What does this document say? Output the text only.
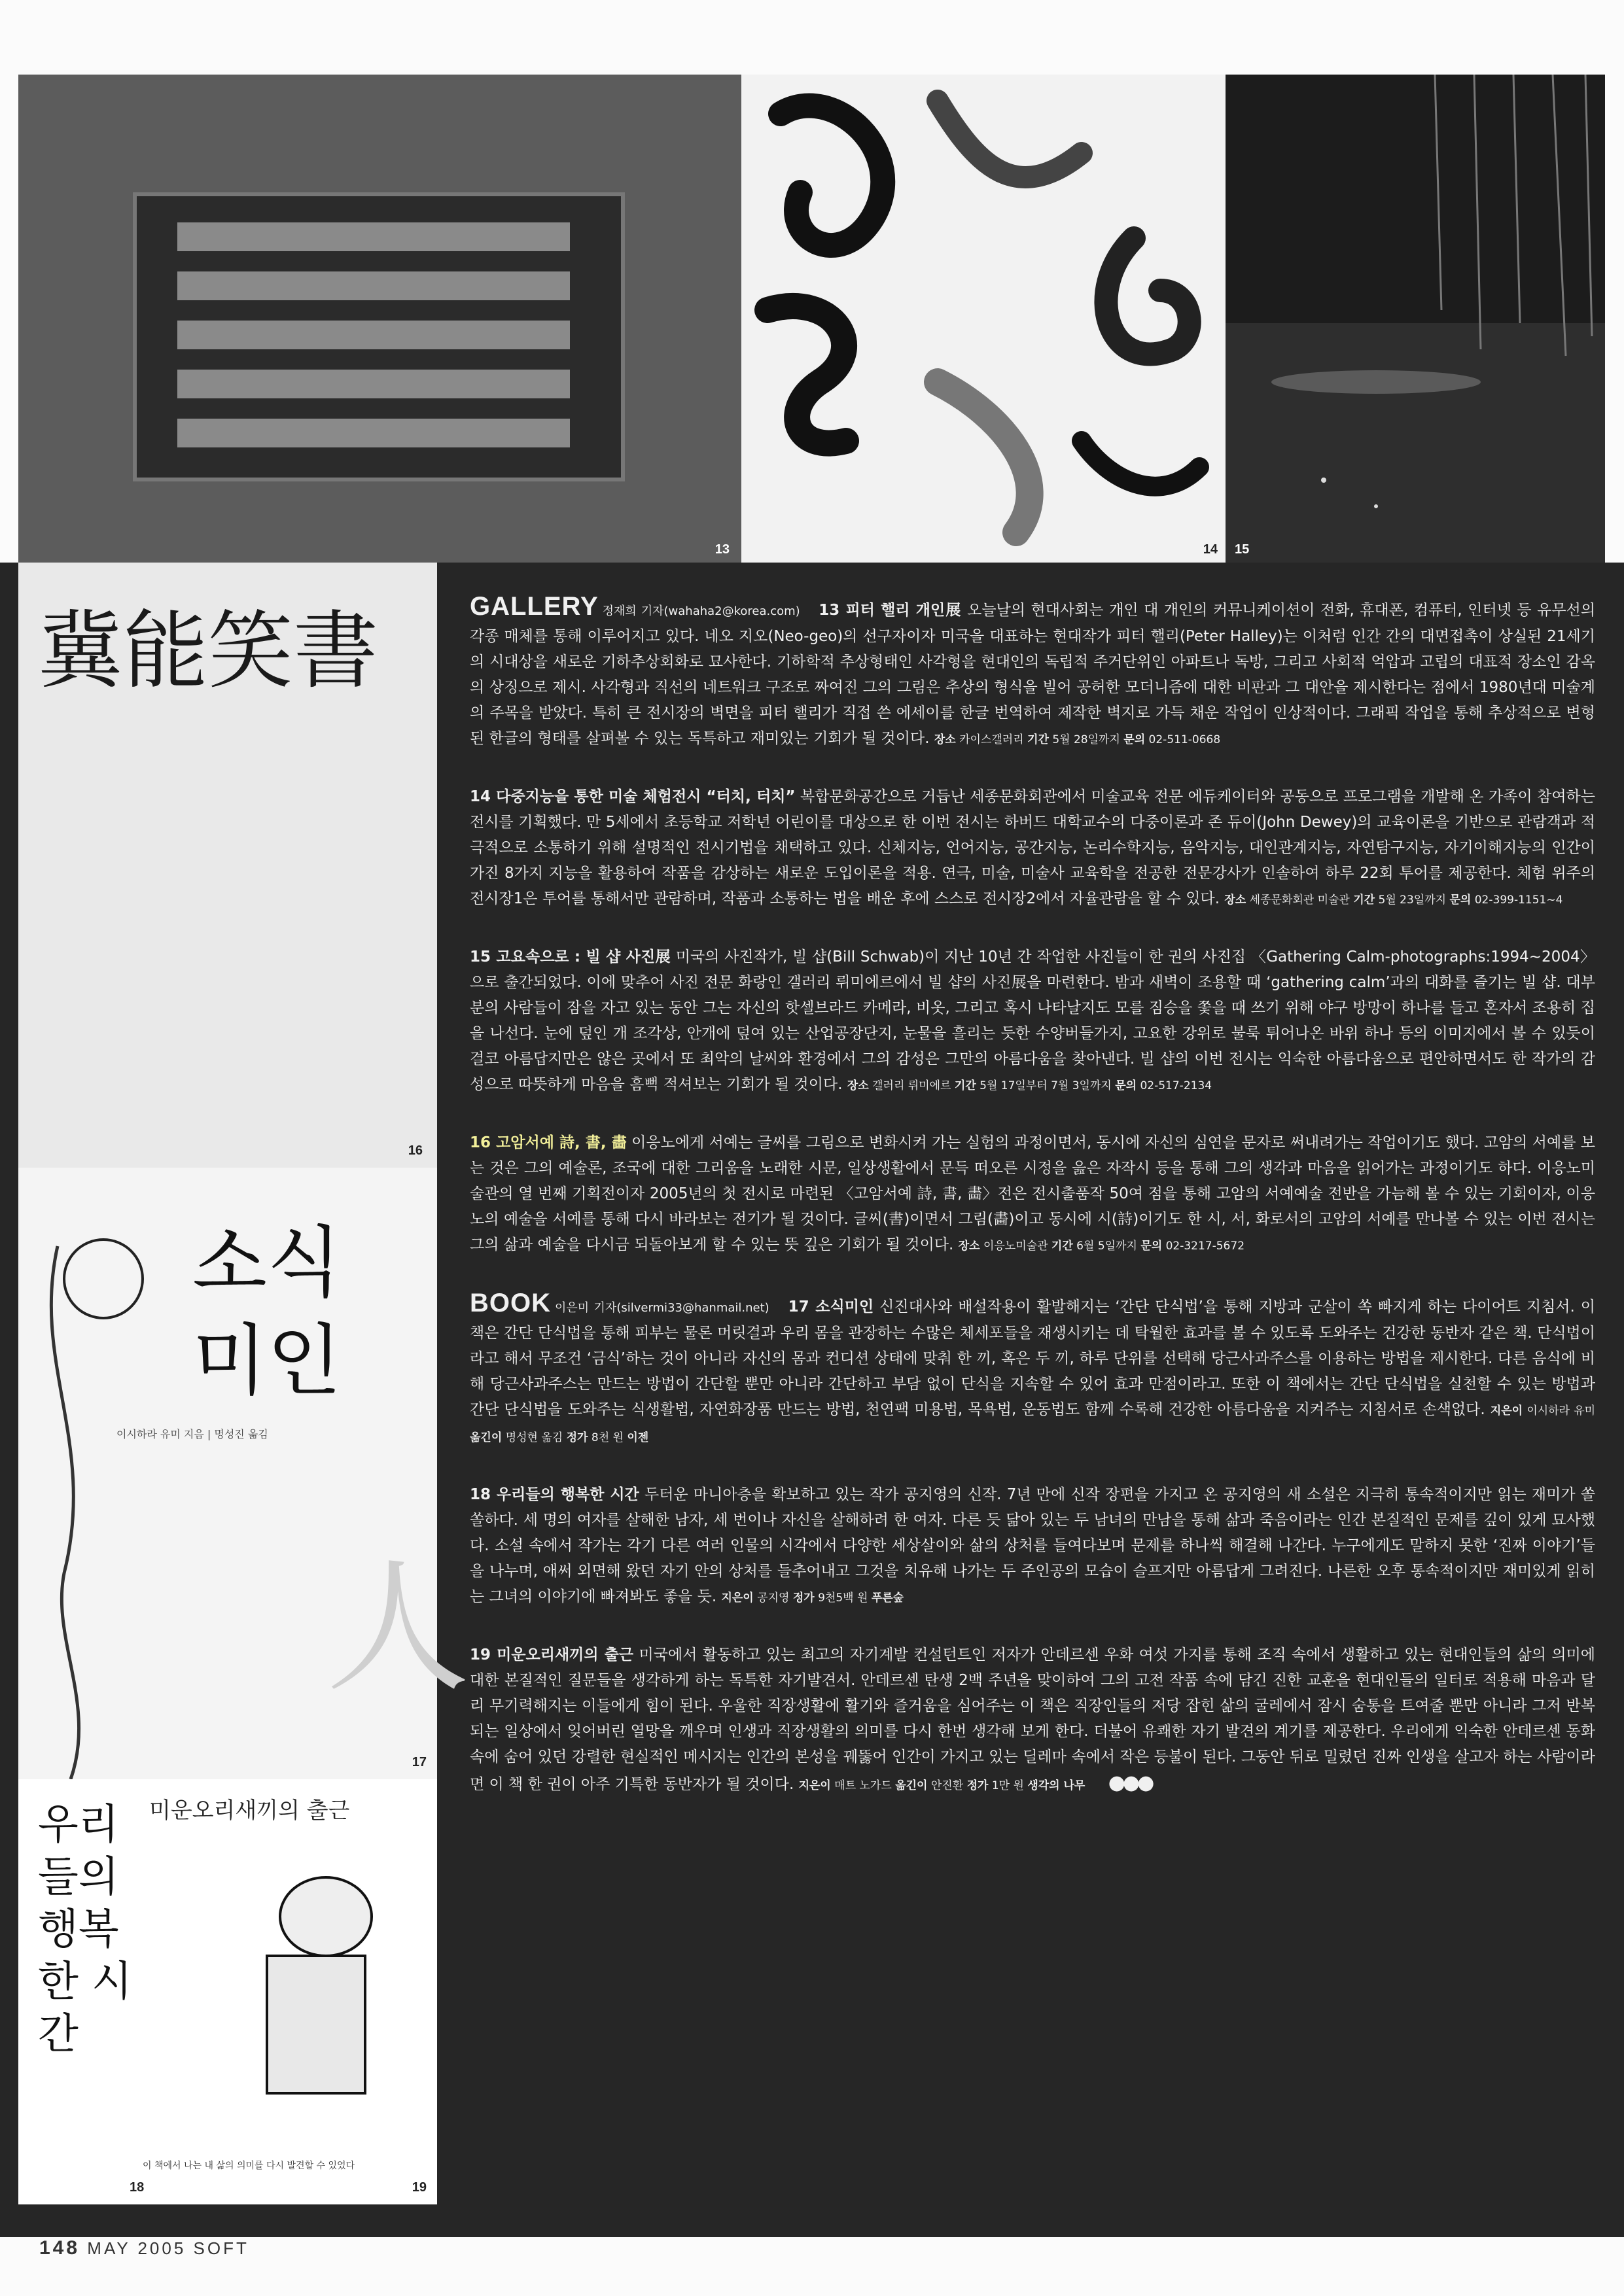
13	14 15
冀能笑書
16
人
소식미인
이시하라 유미 지음 | 명성진 옮김
17
우리들의 행복한 시간
미운오리새끼의 출근
이 책에서 나는 내 삶의 의미를 다시 발견할 수 있었다
18	19

GALLERY 정재희 기자(wahaha2@korea.com) 13 피터 핼리 개인展 오늘날의 현대사회는 개인 대 개인의 커뮤니케이션이 전화, 휴대폰, 컴퓨터, 인터넷 등 유무선의 각종 매체를 통해 이루어지고 있다. 네오 지오(Neo-geo)의 선구자이자 미국을 대표하는 현대작가 피터 핼리(Peter Halley)는 이처럼 인간 간의 대면접촉이 상실된 21세기의 시대상을 새로운 기하추상회화로 묘사한다. 기하학적 추상형태인 사각형을 현대인의 독립적 주거단위인 아파트나 독방, 그리고 사회적 억압과 고립의 대표적 장소인 감옥의 상징으로 제시. 사각형과 직선의 네트워크 구조로 짜여진 그의 그림은 추상의 형식을 빌어 공허한 모더니즘에 대한 비판과 그 대안을 제시한다는 점에서 1980년대 미술계의 주목을 받았다. 특히 큰 전시장의 벽면을 피터 핼리가 직접 쓴 에세이를 한글 번역하여 제작한 벽지로 가득 채운 작업이 인상적이다. 그래픽 작업을 통해 추상적으로 변형된 한글의 형태를 살펴볼 수 있는 독특하고 재미있는 기회가 될 것이다. 장소 카이스갤러리 기간 5월 28일까지 문의 02-511-0668

14 다중지능을 통한 미술 체험전시 “터치, 터치” 복합문화공간으로 거듭난 세종문화회관에서 미술교육 전문 에듀케이터와 공동으로 프로그램을 개발해 온 가족이 참여하는 전시를 기획했다. 만 5세에서 초등학교 저학년 어린이를 대상으로 한 이번 전시는 하버드 대학교수의 다중이론과 존 듀이(John Dewey)의 교육이론을 기반으로 관람객과 적극적으로 소통하기 위해 설명적인 전시기법을 채택하고 있다. 신체지능, 언어지능, 공간지능, 논리수학지능, 음악지능, 대인관계지능, 자연탐구지능, 자기이해지능의 인간이 가진 8가지 지능을 활용하여 작품을 감상하는 새로운 도입이론을 적용. 연극, 미술, 미술사 교육학을 전공한 전문강사가 인솔하여 하루 22회 투어를 제공한다. 체험 위주의 전시장1은 투어를 통해서만 관람하며, 작품과 소통하는 법을 배운 후에 스스로 전시장2에서 자율관람을 할 수 있다. 장소 세종문화회관 미술관 기간 5월 23일까지 문의 02-399-1151~4

15 고요속으로 : 빌 샵 사진展 미국의 사진작가, 빌 샵(Bill Schwab)이 지난 10년 간 작업한 사진들이 한 권의 사진집 〈Gathering Calm-photographs:1994~2004〉으로 출간되었다. 이에 맞추어 사진 전문 화랑인 갤러리 뤼미에르에서 빌 샵의 사진展을 마련한다. 밤과 새벽이 조용할 때 ‘gathering calm’과의 대화를 즐기는 빌 샵. 대부분의 사람들이 잠을 자고 있는 동안 그는 자신의 핫셀브라드 카메라, 비옷, 그리고 혹시 나타날지도 모를 짐승을 쫓을 때 쓰기 위해 야구 방망이 하나를 들고 혼자서 조용히 집을 나선다. 눈에 덮인 개 조각상, 안개에 덮여 있는 산업공장단지, 눈물을 흘리는 듯한 수양버들가지, 고요한 강위로 불룩 튀어나온 바위 하나 등의 이미지에서 볼 수 있듯이 결코 아름답지만은 않은 곳에서 또 최악의 날씨와 환경에서 그의 감성은 그만의 아름다움을 찾아낸다. 빌 샵의 이번 전시는 익숙한 아름다움으로 편안하면서도 한 작가의 감성으로 따뜻하게 마음을 흠뻑 적셔보는 기회가 될 것이다. 장소 갤러리 뤼미에르 기간 5월 17일부터 7월 3일까지 문의 02-517-2134

16 고암서예 詩, 書, 畵 이응노에게 서예는 글씨를 그림으로 변화시켜 가는 실험의 과정이면서, 동시에 자신의 심연을 문자로 써내려가는 작업이기도 했다. 고암의 서예를 보는 것은 그의 예술론, 조국에 대한 그리움을 노래한 시문, 일상생활에서 문득 떠오른 시정을 읊은 자작시 등을 통해 그의 생각과 마음을 읽어가는 과정이기도 하다. 이응노미술관의 열 번째 기획전이자 2005년의 첫 전시로 마련된 〈고암서예 詩, 書, 畵〉전은 전시출품작 50여 점을 통해 고암의 서예예술 전반을 가늠해 볼 수 있는 기회이자, 이응노의 예술을 서예를 통해 다시 바라보는 전기가 될 것이다. 글씨(書)이면서 그림(畵)이고 동시에 시(詩)이기도 한 시, 서, 화로서의 고암의 서예를 만나볼 수 있는 이번 전시는 그의 삶과 예술을 다시금 되돌아보게 할 수 있는 뜻 깊은 기회가 될 것이다. 장소 이응노미술관 기간 6월 5일까지 문의 02-3217-5672

BOOK 이은미 기자(silvermi33@hanmail.net) 17 소식미인 신진대사와 배설작용이 활발해지는 ‘간단 단식법’을 통해 지방과 군살이 쏙 빠지게 하는 다이어트 지침서. 이 책은 간단 단식법을 통해 피부는 물론 머릿결과 우리 몸을 관장하는 수많은 체세포들을 재생시키는 데 탁월한 효과를 볼 수 있도록 도와주는 건강한 동반자 같은 책. 단식법이라고 해서 무조건 ‘금식’하는 것이 아니라 자신의 몸과 컨디션 상태에 맞춰 한 끼, 혹은 두 끼, 하루 단위를 선택해 당근사과주스를 이용하는 방법을 제시한다. 다른 음식에 비해 당근사과주스는 만드는 방법이 간단할 뿐만 아니라 간단하고 부담 없이 단식을 지속할 수 있어 효과 만점이라고. 또한 이 책에서는 간단 단식법을 실천할 수 있는 방법과 간단 단식법을 도와주는 식생활법, 자연화장품 만드는 방법, 천연팩 미용법, 목욕법, 운동법도 함께 수록해 건강한 아름다움을 지켜주는 지침서로 손색없다. 지은이 이시하라 유미 옮긴이 명성현 옮김 정가 8천 원 이젠

18 우리들의 행복한 시간 두터운 마니아층을 확보하고 있는 작가 공지영의 신작. 7년 만에 신작 장편을 가지고 온 공지영의 새 소설은 지극히 통속적이지만 읽는 재미가 쏠쏠하다. 세 명의 여자를 살해한 남자, 세 번이나 자신을 살해하려 한 여자. 다른 듯 닮아 있는 두 남녀의 만남을 통해 삶과 죽음이라는 인간 본질적인 문제를 깊이 있게 묘사했다. 소설 속에서 작가는 각기 다른 여러 인물의 시각에서 다양한 세상살이와 삶의 상처를 들여다보며 문제를 하나씩 해결해 나간다. 누구에게도 말하지 못한 ‘진짜 이야기’들을 나누며, 애써 외면해 왔던 자기 안의 상처를 들추어내고 그것을 치유해 나가는 두 주인공의 모습이 슬프지만 아름답게 그려진다. 나른한 오후 통속적이지만 재미있게 읽히는 그녀의 이야기에 빠져봐도 좋을 듯. 지은이 공지영 정가 9천5백 원 푸른숲

19 미운오리새끼의 출근 미국에서 활동하고 있는 최고의 자기계발 컨설턴트인 저자가 안데르센 우화 여섯 가지를 통해 조직 속에서 생활하고 있는 현대인들의 삶의 의미에 대한 본질적인 질문들을 생각하게 하는 독특한 자기발견서. 안데르센 탄생 2백 주년을 맞이하여 그의 고전 작품 속에 담긴 진한 교훈을 현대인들의 일터로 적용해 마음과 달리 무기력해지는 이들에게 힘이 된다. 우울한 직장생활에 활기와 즐거움을 심어주는 이 책은 직장인들의 저당 잡힌 삶의 굴레에서 잠시 숨통을 트여줄 뿐만 아니라 그저 반복되는 일상에서 잊어버린 열망을 깨우며 인생과 직장생활의 의미를 다시 한번 생각해 보게 한다. 더불어 유쾌한 자기 발견의 계기를 제공한다. 우리에게 익숙한 안데르센 동화 속에 숨어 있던 강렬한 현실적인 메시지는 인간의 본성을 꿰뚫어 인간이 가지고 있는 딜레마 속에서 작은 등불이 된다. 그동안 뒤로 밀렸던 진짜 인생을 살고자 하는 사람이라면 이 책 한 권이 아주 기특한 동반자가 될 것이다. 지은이 매트 노가드 옮긴이 안진환 정가 1만 원 생각의 나무 ●●●

148 MAY 2005 SOFT
